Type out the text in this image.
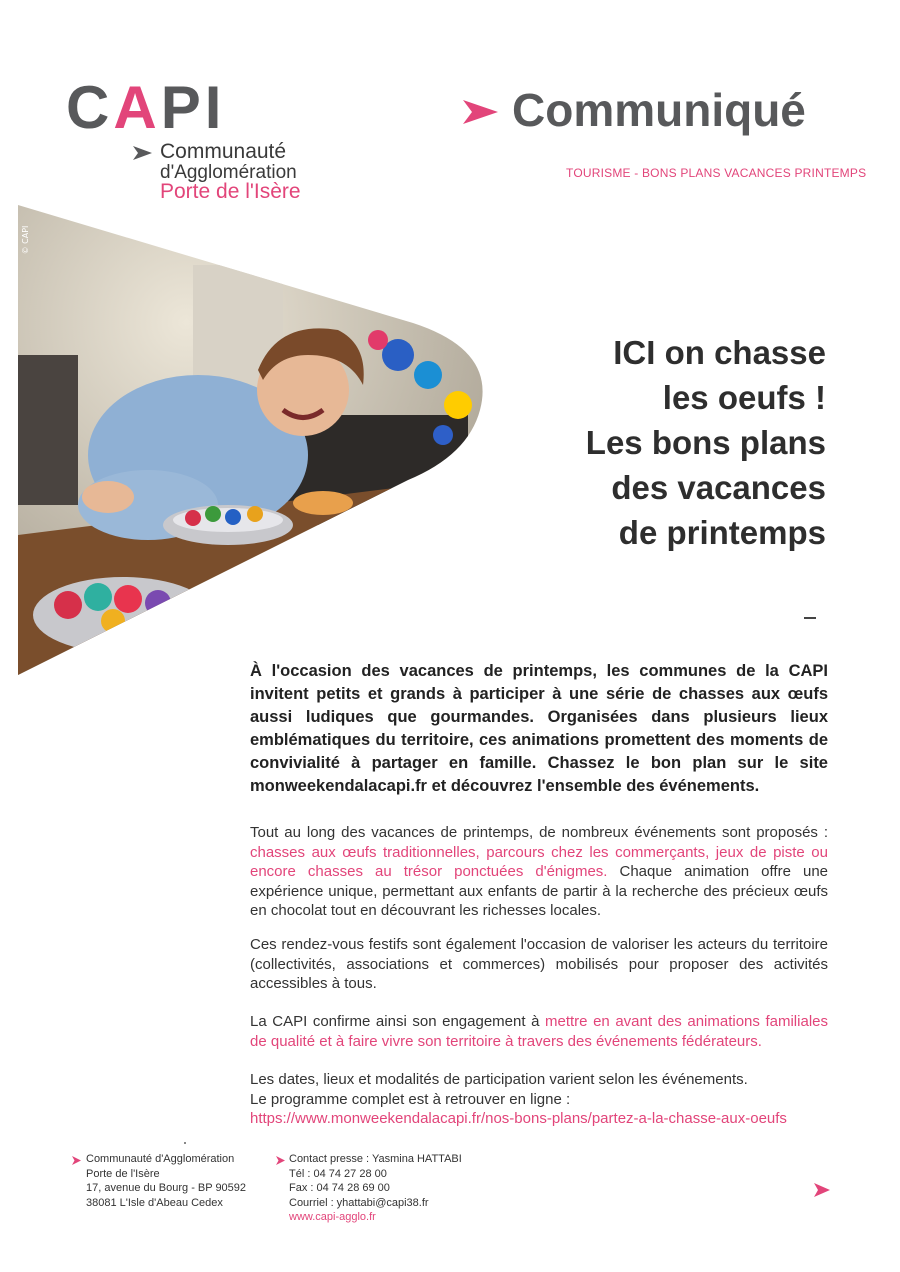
CAPI
Communauté
d'Agglomération
Porte de l'Isère
Communiqué
TOURISME - BONS PLANS VACANCES PRINTEMPS
© CAPI
ICI on chasse
les oeufs !
Les bons plans
des vacances
de printemps
À l'occasion des vacances de printemps, les communes de la CAPI invitent petits et grands à participer à une série de chasses aux œufs aussi ludiques que gourmandes. Organisées dans plusieurs lieux emblématiques du territoire, ces animations promettent des moments de convivialité à partager en famille. Chassez le bon plan sur le site monweekendalacapi.fr et découvrez l'ensemble des événements.
Tout au long des vacances de printemps, de nombreux événements sont proposés : chasses aux œufs traditionnelles, parcours chez les commerçants, jeux de piste ou encore chasses au trésor ponctuées d'énigmes. Chaque animation offre une expérience unique, permettant aux enfants de partir à la recherche des précieux œufs en chocolat tout en découvrant les richesses locales.
Ces rendez-vous festifs sont également l'occasion de valoriser les acteurs du territoire (collectivités, associations et commerces) mobilisés pour proposer des activités accessibles à tous.
La CAPI confirme ainsi son engagement à mettre en avant des animations familiales de qualité et à faire vivre son territoire à travers des événements fédérateurs.
Les dates, lieux et modalités de participation varient selon les événements.
Le programme complet est à retrouver en ligne :
https://www.monweekendalacapi.fr/nos-bons-plans/partez-a-la-chasse-aux-oeufs
Communauté d'Agglomération
Porte de l'Isère
17, avenue du Bourg - BP 90592
38081 L'Isle d'Abeau Cedex
Contact presse : Yasmina HATTABI
Tél : 04 74 27 28 00
Fax : 04 74 28 69 00
Courriel : yhattabi@capi38.fr
www.capi-agglo.fr
